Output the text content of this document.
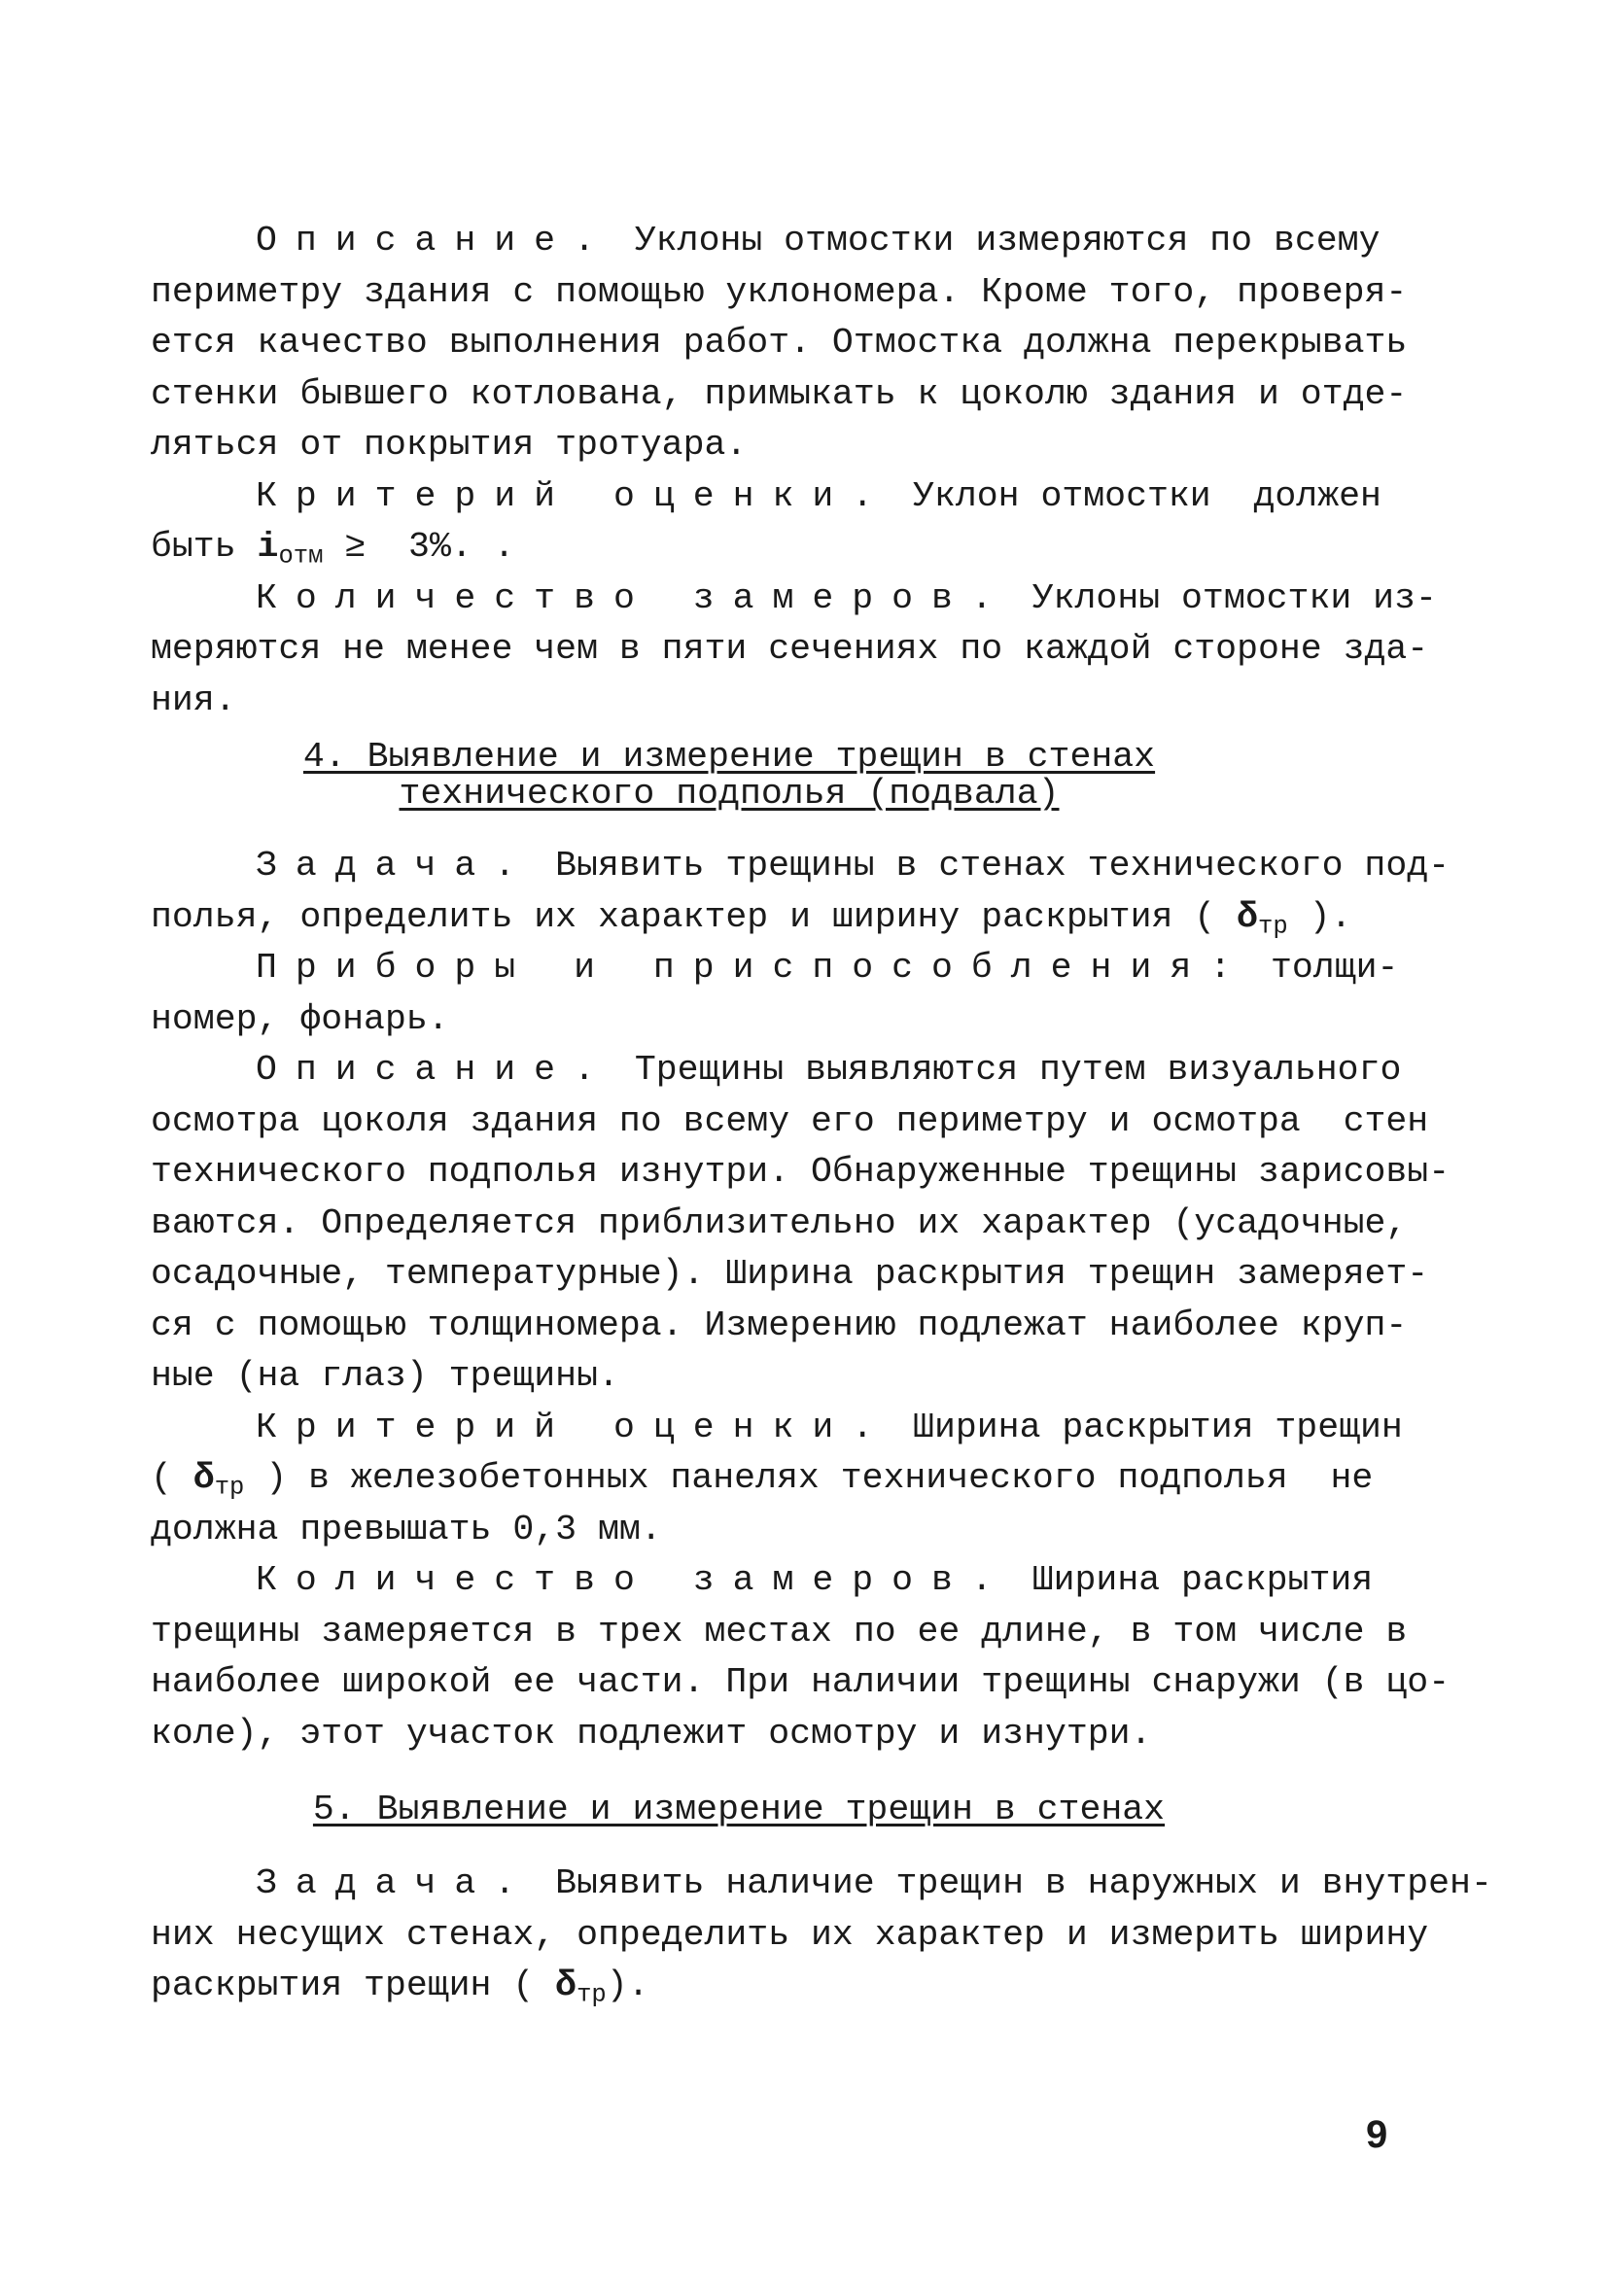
Описание. Уклоны отмостки измеряются по всему
периметру здания с помощью уклономера. Кроме того, проверя-
ется качество выполнения работ. Отмостка должна перекрывать
стенки бывшего котлована, примыкать к цоколю здания и отде-
ляться от покрытия тротуара.
Критерий оценки. Уклон отмостки  должен
быть $i_{отм} \ge 3\%$. .
Количество замеров. Уклоны отмостки из-
меряются не менее чем в пяти сечениях по каждой стороне зда-
ния.
4. Выявление и измерение трещин в стенах
технического подполья (подвала)
Задача. Выявить трещины в стенах технического под-
полья, определить их характер и ширину раскрытия ( $\delta_{тр}$ ).
Приборы и приспособления: толщи-
номер, фонарь.
Описание. Трещины выявляются путем визуального
осмотра цоколя здания по всему его периметру и осмотра  стен
технического подполья изнутри. Обнаруженные трещины зарисовы-
ваются. Определяется приблизительно их характер (усадочные,
осадочные, температурные). Ширина раскрытия трещин замеряет-
ся с помощью толщиномера. Измерению подлежат наиболее круп-
ные (на глаз) трещины.
Критерий оценки. Ширина раскрытия трещин
( $\delta_{тр}$ ) в железобетонных панелях технического подполья  не
должна превышать 0,3 мм.
Количество замеров. Ширина раскрытия
трещины замеряется в трех местах по ее длине, в том числе в
наиболее широкой ее части. При наличии трещины снаружи (в цо-
коле), этот участок подлежит осмотру и изнутри.
5. Выявление и измерение трещин в стенах
Задача. Выявить наличие трещин в наружных и внутрен-
них несущих стенах, определить их характер и измерить ширину
раскрытия трещин ( $\delta_{тр}$).
9
